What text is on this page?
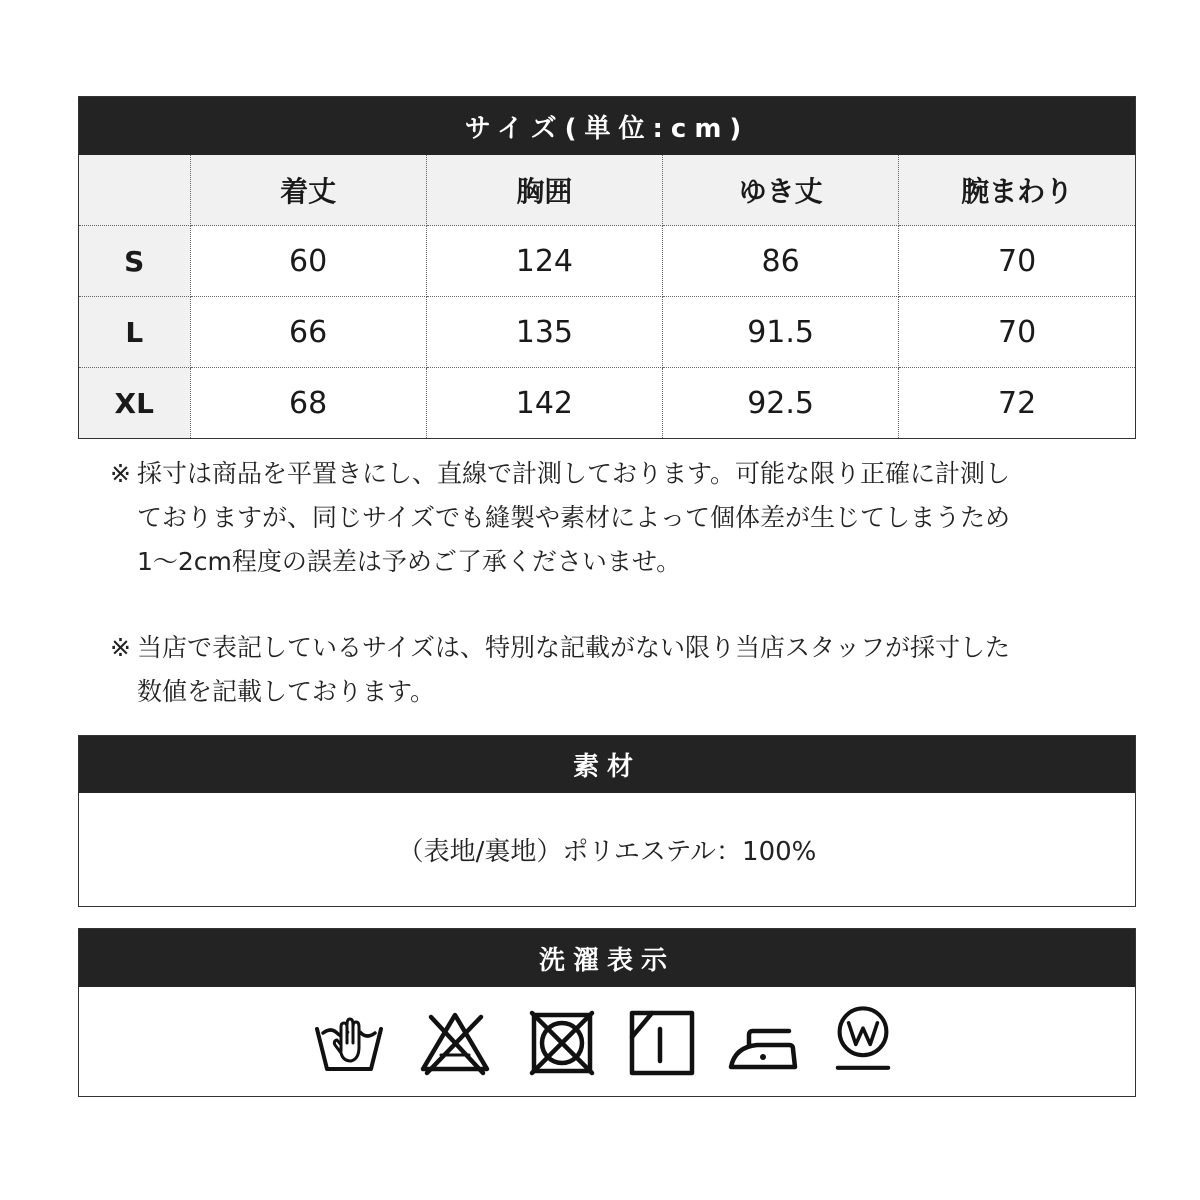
サイズ(単位:cm)
	着丈	胸囲	ゆき丈	腕まわり
S	60	124	86	70
L	66	135	91.5	70
XL	68	142	92.5	72
※ 採寸は商品を平置きにし、直線で計測しております。可能な限り正確に計測し
ておりますが、同じサイズでも縫製や素材によって個体差が生じてしまうため
1～2cm程度の誤差は予めご了承くださいませ。
※ 当店で表記しているサイズは、特別な記載がない限り当店スタッフが採寸した
数値を記載しております。
素材
（表地/裏地）ポリエステル：100%
洗濯表示
